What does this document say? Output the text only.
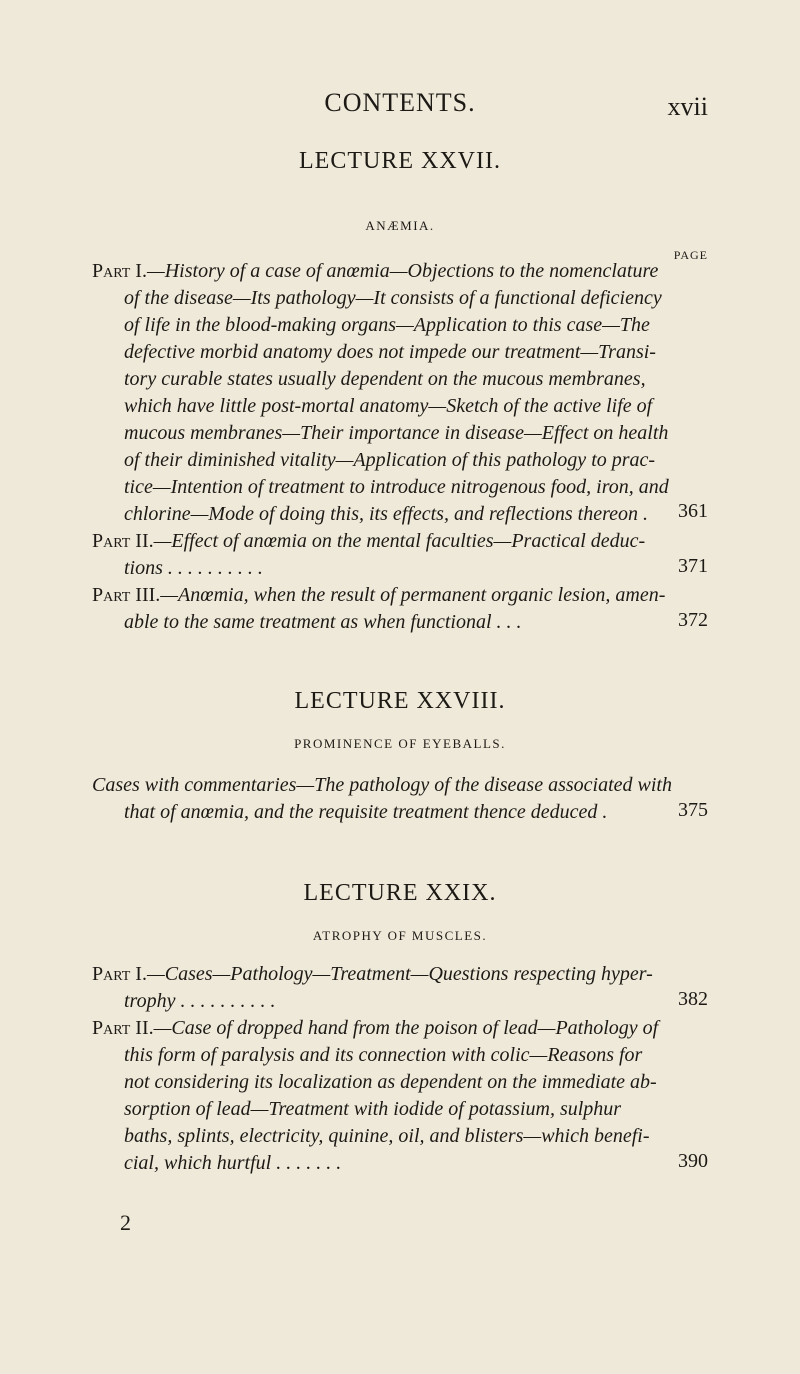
CONTENTS.	xvii
LECTURE XXVII.
ANÆMIA.
PAGE
Part I.—History of a case of anœmia—Objections to the nomenclature
of the disease—Its pathology—It consists of a functional deficiency
of life in the blood-making organs—Application to this case—The
defective morbid anatomy does not impede our treatment—Transi-
tory curable states usually dependent on the mucous membranes,
which have little post-mortal anatomy—Sketch of the active life of
mucous membranes—Their importance in disease—Effect on health
of their diminished vitality—Application of this pathology to prac-
tice—Intention of treatment to introduce nitrogenous food, iron, and
chlorine—Mode of doing this, its effects, and reflections thereon . 361
Part II.—Effect of anœmia on the mental faculties—Practical deduc-
tions . . . . . . . . . .	371
Part III.—Anœmia, when the result of permanent organic lesion, amen-
able to the same treatment as when functional . . .	372
LECTURE XXVIII.
PROMINENCE OF EYEBALLS.
Cases with commentaries—The pathology of the disease associated with
that of anœmia, and the requisite treatment thence deduced .	375
LECTURE XXIX.
ATROPHY OF MUSCLES.
Part I.—Cases—Pathology—Treatment—Questions respecting hyper-
trophy . . . . . . . . . .	382
Part II.—Case of dropped hand from the poison of lead—Pathology of
this form of paralysis and its connection with colic—Reasons for
not considering its localization as dependent on the immediate ab-
sorption of lead—Treatment with iodide of potassium, sulphur
baths, splints, electricity, quinine, oil, and blisters—which benefi-
cial, which hurtful . . . . . . .	390
2
